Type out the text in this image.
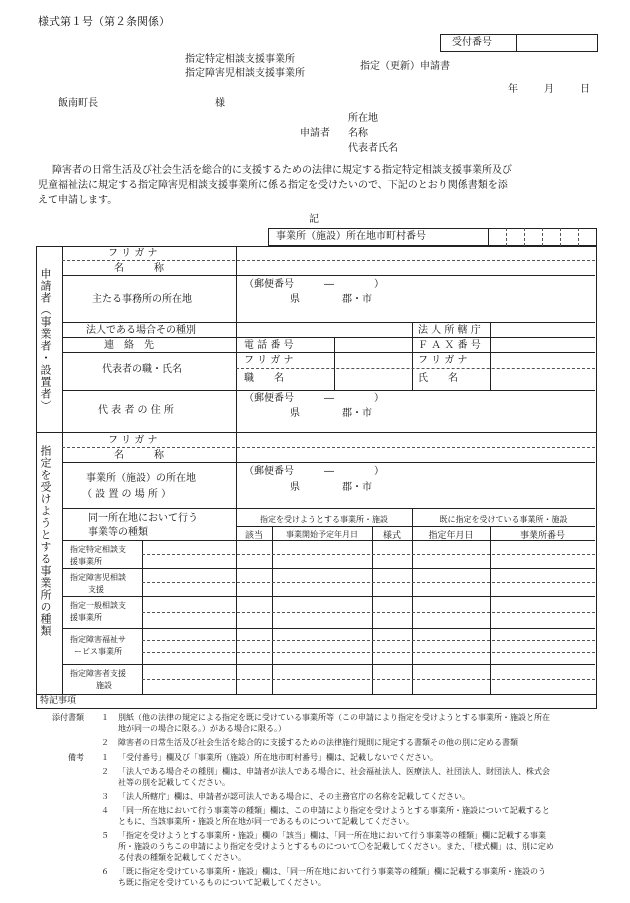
様式第１号（第２条関係）
受付番号
指定特定相談支援事業所
指定障害児相談支援事業所
指定（更新）申請書
年	月	日
飯南町長	様
所在地
申請者 名称
代表者氏名
障害者の日常生活及び社会生活を総合的に支援するための法律に規定する指定特定相談支援事業所及び
児童福祉法に規定する指定障害児相談支援事業所に係る指定を受けたいので、下記のとおり関係書類を添
えて申請します。
記
事業所（施設）所在地市町村番号
申請者（事業者・設置者）
指定を受けようとする事業所の種類
フ リ ガ ナ
名　　　称
主たる事務所の所在地
（郵便番号　　　―　　　　）
県	郡・市
法人である場合その種別	法 人 所 轄 庁
連　絡　先	電 話 番 号	Ｆ Ａ Ｘ 番 号
代表者の職・氏名
フ リ ガ ナ	フ リ ガ ナ
職　　名	氏　　名
代 表 者 の 住 所
（郵便番号　　　―　　　　）
県	郡・市
フ リ ガ ナ
名　　　称
事業所（施設）の所在地
（ 設 置 の 場 所 ）
（郵便番号　　　―　　　　）
県	郡・市
同一所在地において行う
事業等の種類
指定を受けようとする事業所・施設	既に指定を受けている事業所・施設
該当	事業開始予定年月日	様式	指定年月日	事業所番号
指定特定相談支
援事業所
指定障害児相談
支援
指定一般相談支
援事業所
指定障害福祉サ
ービス事業所
指定障害者支援
施設
特記事項
添付書類 １ 別紙（他の法律の規定による指定を既に受けている事業所等（この申請により指定を受けようとする事業所・施設と所在
地が同一の場合に限る。）がある場合に限る。）
２ 障害者の日常生活及び社会生活を総合的に支援するための法律施行規則に規定する書類その他の別に定める書類
備考 １ 「受付番号」欄及び「事業所（施設）所在地市町村番号」欄は、記載しないでください。
２ 「法人である場合その種別」欄は、申請者が法人である場合に、社会福祉法人、医療法人、社団法人、財団法人、株式会
社等の別を記載してください。
３ 「法人所轄庁」欄は、申請者が認可法人である場合に、その主務官庁の名称を記載してください。
４ 「同一所在地において行う事業等の種類」欄は、この申請により指定を受けようとする事業所・施設について記載すると
ともに、当該事業所・施設と所在地が同一であるものについて記載してください。
５ 「指定を受けようとする事業所・施設」欄の「該当」欄は、「同一所在地において行う事業等の種類」欄に記載する事業
所・施設のうちこの申請により指定を受けようとするものについて〇を記載してください。また、「様式欄」は、別に定め
る付表の種類を記載してください。
６ 「既に指定を受けている事業所・施設」欄は、「同一所在地において行う事業等の種類」欄に記載する事業所・施設のう
ち既に指定を受けているものについて記載してください。
